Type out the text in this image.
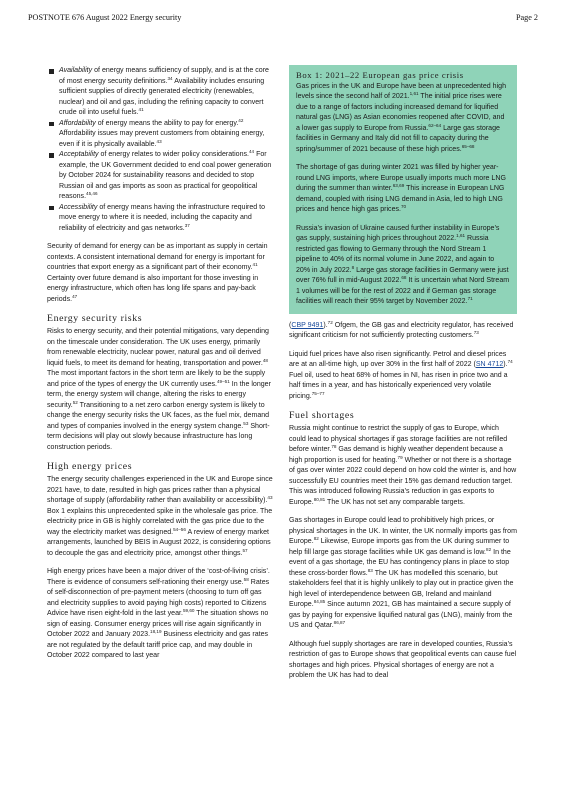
POSTNOTE 676 August 2022 Energy security	Page 2
Availability of energy means sufficiency of supply, and is at the core of most energy security definitions.$^{34}$ Availability includes ensuring sufficient supplies of directly generated electricity (renewables, nuclear) and oil and gas, including the refining capacity to convert crude oil into useful fuels.$^{41}$
Affordability of energy means the ability to pay for energy.$^{42}$ Affordability issues may prevent customers from obtaining energy, even if it is physically available.$^{43}$
Acceptability of energy relates to wider policy considerations.$^{44}$ For example, the UK Government decided to end coal power generation by October 2024 for sustainability reasons and decided to stop Russian oil and gas imports as soon as practical for geopolitical reasons.$^{45,46}$
Accessibility of energy means having the infrastructure required to move energy to where it is needed, including the capacity and reliability of electricity and gas networks.$^{37}$

Security of demand for energy can be as important as supply in certain contexts. A consistent international demand for energy is important for countries that export energy as a significant part of their economy.$^{41}$ Certainty over future demand is also important for those investing in energy infrastructure, which often has long life spans and pay-back periods.$^{47}$

Energy security risks

Risks to energy security, and their potential mitigations, vary depending on the timescale under consideration. The UK uses energy, primarily from renewable electricity, nuclear power, natural gas and oil derived liquid fuels, to meet its demand for heating, transportation and power.$^{48}$ The most important factors in the short term are likely to be the supply and price of the types of energy the UK currently uses.$^{49-51}$ In the longer term, the energy system will change, altering the risks to energy security.$^{52}$ Transitioning to a net zero carbon energy system is likely to change the energy security risks the UK faces, as the fuel mix, demand and types of companies involved in the energy system change.$^{53}$ Short-term decisions will play out slowly because infrastructure has long construction periods.

High energy prices

The energy security challenges experienced in the UK and Europe since 2021 have, to date, resulted in high gas prices rather than a physical shortage of supply (affordability rather than availability or accessibility).$^{43}$ Box 1 explains this unprecedented spike in the wholesale gas price. The electricity price in GB is highly correlated with the gas price due to the way the electricity market was designed.$^{54-56}$ A review of energy market arrangements, launched by BEIS in August 2022, is considering options to decouple the gas and electricity price, amongst other things.$^{57}$

High energy prices have been a major driver of the ‘cost-of-living crisis’. There is evidence of consumers self-rationing their energy use.$^{58}$ Rates of self-disconnection of pre-payment meters (choosing to turn off gas and electricity supplies to avoid paying high costs) reported to Citizens Advice have risen eight-fold in the last year.$^{59,60}$ The situation shows no sign of easing. Consumer energy prices will rise again significantly in October 2022 and January 2023.$^{18,19}$ Business electricity and gas rates are not regulated by the default tariff price cap, and may double in October 2022 compared to last year

Box 1: 2021–22 European gas price crisis

Gas prices in the UK and Europe have been at unprecedented high levels since the second half of 2021.$^{1,61}$ The initial price rises were due to a range of factors including increased demand for liquified natural gas (LNG) as Asian economies reopened after COVID, and a lower gas supply to Europe from Russia.$^{62-64}$ Large gas storage facilities in Germany and Italy did not fill to capacity during the spring/summer of 2021 because of these high prices.$^{65-68}$

The shortage of gas during winter 2021 was filled by higher year-round LNG imports, where Europe usually imports much more LNG during the summer than winter.$^{63,69}$ This increase in European LNG demand, coupled with rising LNG demand in Asia, led to high LNG prices and hence high gas prices.$^{70}$

Russia’s invasion of Ukraine caused further instability in Europe’s gas supply, sustaining high prices throughout 2022.$^{1,61}$ Russia restricted gas flowing to Germany through the Nord Stream 1 pipeline to 40% of its normal volume in June 2022, and again to 20% in July 2022.$^8$ Large gas storage facilities in Germany were just over 76% full in mid-August 2022.68 It is uncertain what Nord Stream 1 volumes will be for the rest of 2022 and if German gas storage facilities will reach their 95% target by November 2022.71

(CBP 9491).$^{72}$ Ofgem, the GB gas and electricity regulator, has received significant criticism for not sufficiently protecting customers.$^{73}$

Liquid fuel prices have also risen significantly. Petrol and diesel prices are at an all-time high, up over 30% in the first half of 2022 (SN 4712).$^{74}$ Fuel oil, used to heat 68% of homes in NI, has risen in price two and a half times in a year, and has historically experienced very volatile pricing.$^{75-77}$

Fuel shortages

Russia might continue to restrict the supply of gas to Europe, which could lead to physical shortages if gas storage facilities are not refilled before winter.$^{78}$ Gas demand is highly weather dependent because a high proportion is used for heating.$^{79}$ Whether or not there is a shortage of gas over winter 2022 could depend on how cold the winter is, and how successfully EU countries meet their 15% gas demand reduction target. This was introduced following Russia’s reduction in gas exports to Europe.$^{80,81}$ The UK has not set any comparable targets.

Gas shortages in Europe could lead to prohibitively high prices, or physical shortages in the UK. In winter, the UK normally imports gas from Europe.$^{82}$ Likewise, Europe imports gas from the UK during summer to help fill large gas storage facilities while UK gas demand is low.$^{82}$ In the event of a gas shortage, the EU has contingency plans in place to stop these cross-border flows.$^{83}$ The UK has modelled this scenario, but stakeholders feel that it is highly unlikely to play out in practice given the high level of interdependence between GB, Ireland and mainland Europe.$^{84,85}$ Since autumn 2021, GB has maintained a secure supply of gas by paying for expensive liquified natural gas (LNG), mainly from the US and Qatar.$^{86,87}$

Although fuel supply shortages are rare in developed counties, Russia’s restriction of gas to Europe shows that geopolitical events can cause fuel shortages and high prices. Physical shortages of energy are not a problem the UK has had to deal
